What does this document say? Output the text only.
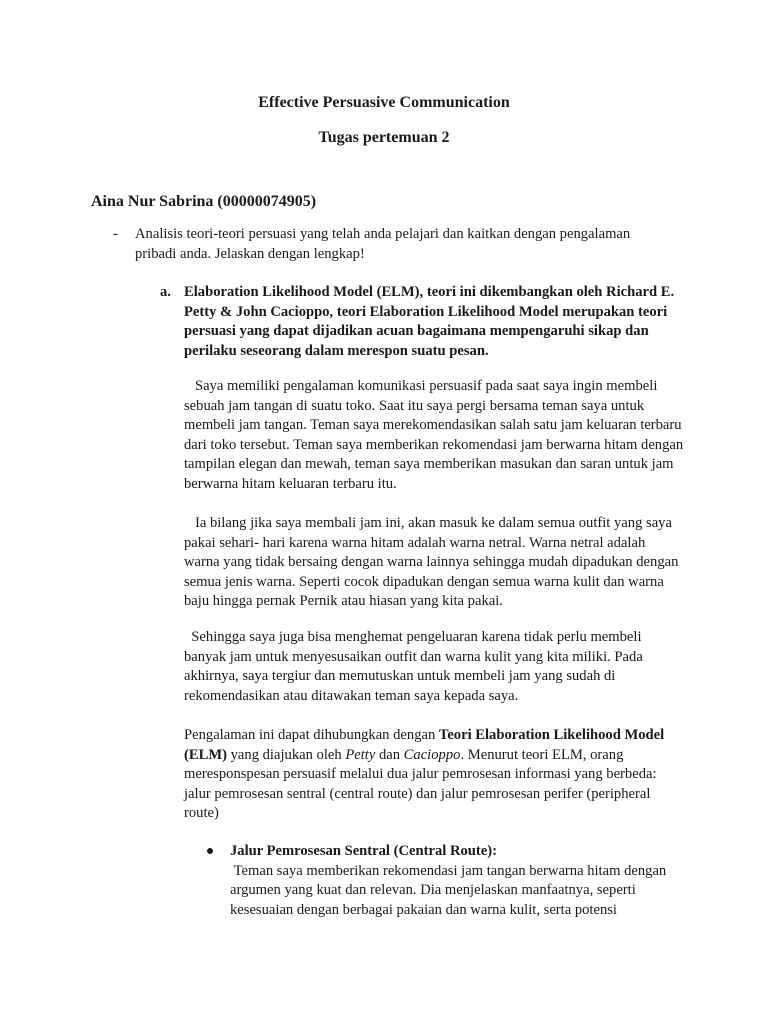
Effective Persuasive Communication

Tugas pertemuan 2

Aina Nur Sabrina (00000074905)

- Analisis teori-teori persuasi yang telah anda pelajari dan kaitkan dengan pengalaman pribadi anda. Jelaskan dengan lengkap!

a. Elaboration Likelihood Model (ELM), teori ini dikembangkan oleh Richard E. Petty & John Cacioppo, teori Elaboration Likelihood Model merupakan teori persuasi yang dapat dijadikan acuan bagaimana mempengaruhi sikap dan perilaku seseorang dalam merespon suatu pesan.

Saya memiliki pengalaman komunikasi persuasif pada saat saya ingin membeli sebuah jam tangan di suatu toko. Saat itu saya pergi bersama teman saya untuk membeli jam tangan. Teman saya merekomendasikan salah satu jam keluaran terbaru dari toko tersebut. Teman saya memberikan rekomendasi jam berwarna hitam dengan tampilan elegan dan mewah, teman saya memberikan masukan dan saran untuk jam berwarna hitam keluaran terbaru itu.

Ia bilang jika saya membali jam ini, akan masuk ke dalam semua outfit yang saya pakai sehari- hari karena warna hitam adalah warna netral. Warna netral adalah warna yang tidak bersaing dengan warna lainnya sehingga mudah dipadukan dengan semua jenis warna. Seperti cocok dipadukan dengan semua warna kulit dan warna baju hingga pernak Pernik atau hiasan yang kita pakai.

Sehingga saya juga bisa menghemat pengeluaran karena tidak perlu membeli banyak jam untuk menyesusaikan outfit dan warna kulit yang kita miliki. Pada akhirnya, saya tergiur dan memutuskan untuk membeli jam yang sudah di rekomendasikan atau ditawakan teman saya kepada saya.

Pengalaman ini dapat dihubungkan dengan Teori Elaboration Likelihood Model (ELM) yang diajukan oleh Petty dan Cacioppo. Menurut teori ELM, orang meresponspesan persuasif melalui dua jalur pemrosesan informasi yang berbeda: jalur pemrosesan sentral (central route) dan jalur pemrosesan perifer (peripheral route)

Jalur Pemrosesan Sentral (Central Route):

Teman saya memberikan rekomendasi jam tangan berwarna hitam dengan argumen yang kuat dan relevan. Dia menjelaskan manfaatnya, seperti kesesuaian dengan berbagai pakaian dan warna kulit, serta potensi
